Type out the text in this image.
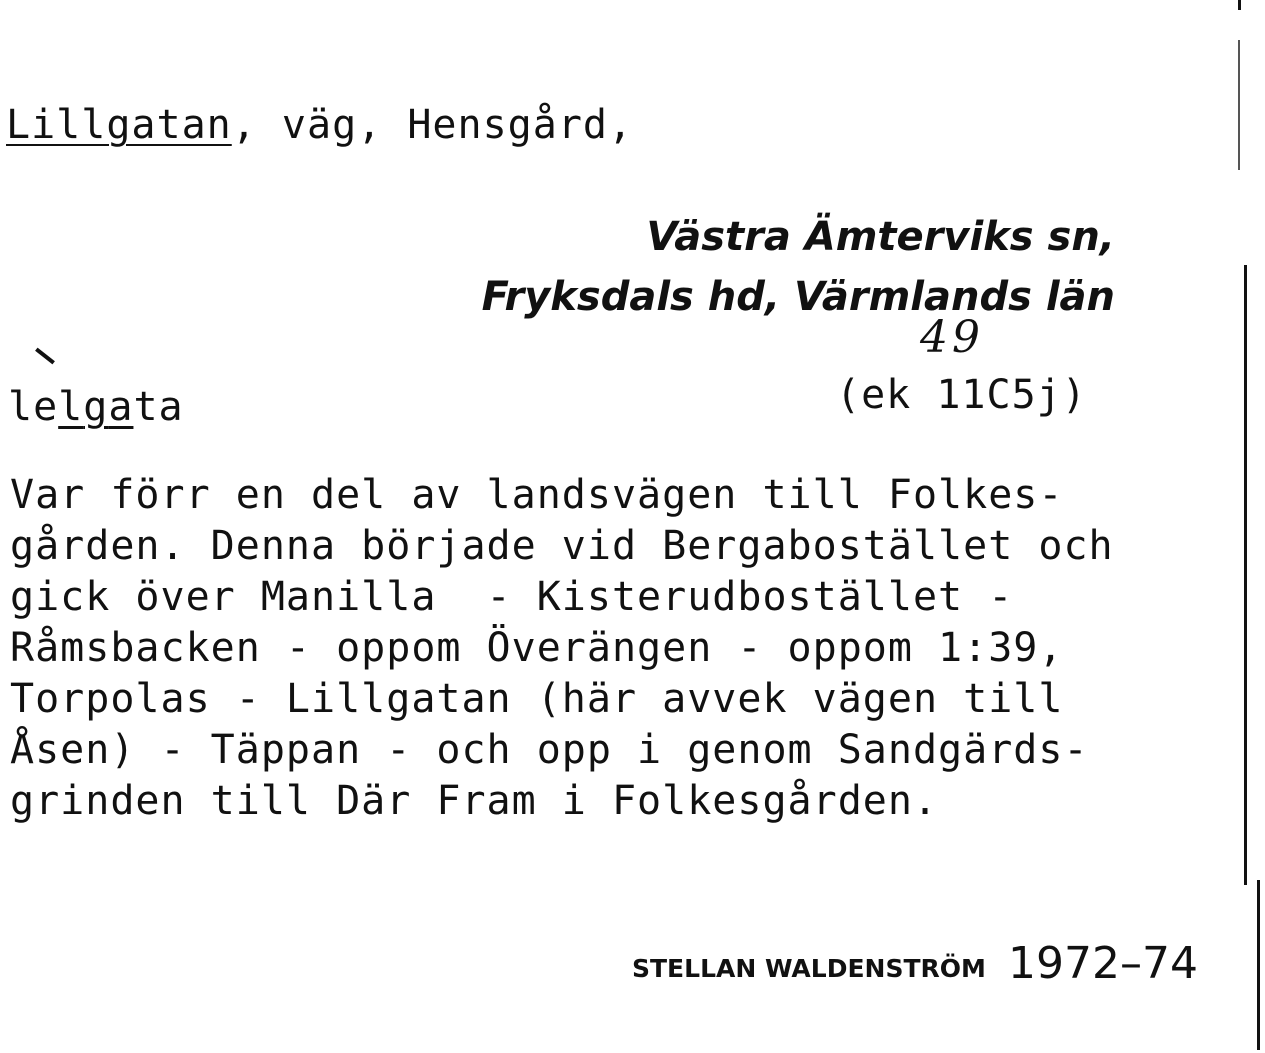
Lillgatan, väg, Hensgård,
Västra Ämterviks sn,
Fryksdals hd, Värmlands län
49
(ek 11C5j)
lelgata
Var förr en del av landsvägen till Folkes-
gården. Denna började vid Bergabostället och
gick över Manilla  - Kisterudbostället -
Råmsbacken - oppom Överängen - oppom 1:39,
Torpolas - Lillgatan (här avvek vägen till
Åsen) - Täppan - och opp i genom Sandgärds-
grinden till Där Fram i Folkesgården.
STELLAN WALDENSTRÖM 1972–74
